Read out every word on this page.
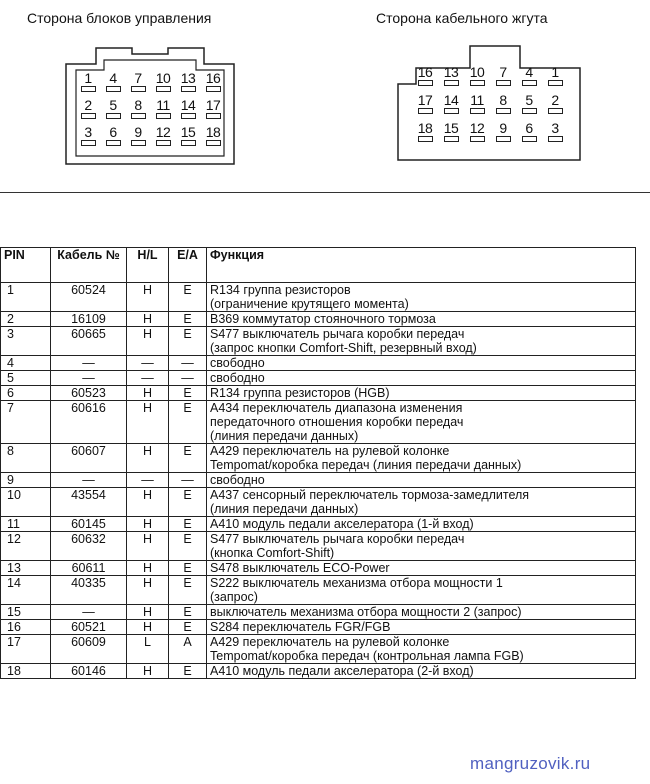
Сторона блоков управления	Сторона кабельного жгута
1	4	7	10 13 16
2	5	8	11 14 17
3	6	9	12 15 18
16 13 10	7	4	1
17 14 11	8	5	2
18 15 12	9	6	3
PIN	Кабель №	H/L	E/A	Функция
1	60524	H	E	R134 группа резисторов
(ограничение крутящего момента)

2	16109	H	E	B369 коммутатор стояночного тормоза

3	60665	H	E	S477 выключатель рычага коробки передач
(запрос кнопки Comfort-Shift, резервный вход)

4	—	—	—	свободно

5	—	—	—	свободно

6	60523	H	E	R134 группа резисторов (HGB)

7	60616	H	E	A434 переключатель диапазона изменения
передаточного отношения коробки передач
(линия передачи данных)

8	60607	H	E	A429 переключатель на рулевой колонке
Tempomat/коробка передач (линия передачи данных)

9	—	—	—	свободно

10	43554	H	E	A437 сенсорный переключатель тормоза-замедлителя
(линия передачи данных)

11	60145	H	E	A410 модуль педали акселератора (1-й вход)

12	60632	H	E	S477 выключатель рычага коробки передач
(кнопка Comfort-Shift)

13	60611	H	E	S478 выключатель ECO-Power

14	40335	H	E	S222 выключатель механизма отбора мощности 1
(запрос)

15	—	H	E	выключатель механизма отбора мощности 2 (запрос)

16	60521	H	E	S284 переключатель FGR/FGB

17	60609	L	A	A429 переключатель на рулевой колонке
Tempomat/коробка передач (контрольная лампа FGB)

18	60146	H	E	A410 модуль педали акселератора (2-й вход)
mangruzovik.ru
